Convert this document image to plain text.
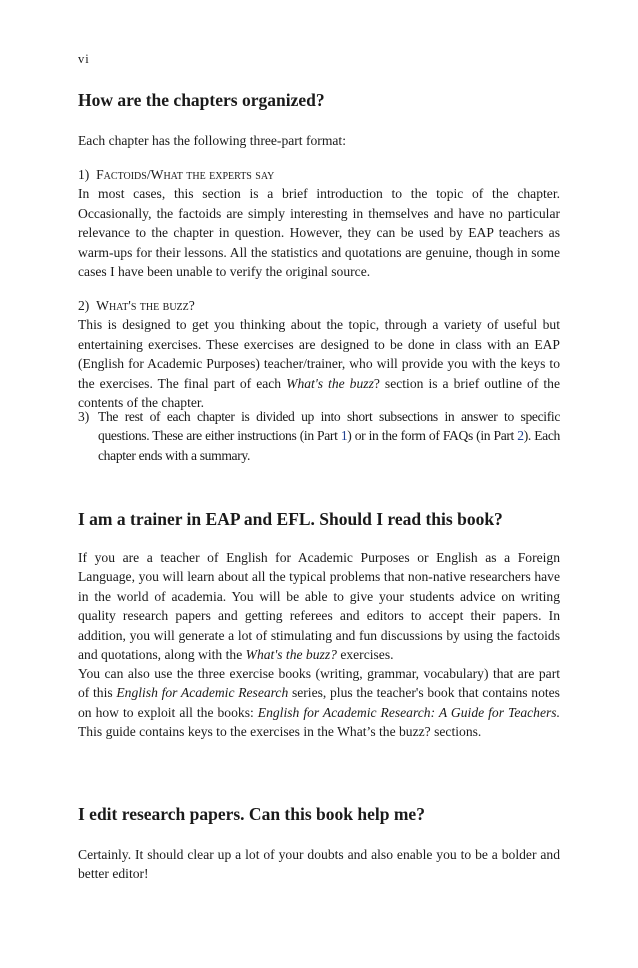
vi
How are the chapters organized?

Each chapter has the following three-part format:

1) Factoids/What the experts say
In most cases, this section is a brief introduction to the topic of the chapter. Occasionally, the factoids are simply interesting in themselves and have no particular relevance to the chapter in question. However, they can be used by EAP teachers as warm-ups for their lessons. All the statistics and quotations are genuine, though in some cases I have been unable to verify the original source.

2) What's the buzz?
This is designed to get you thinking about the topic, through a variety of useful but entertaining exercises. These exercises are designed to be done in class with an EAP (English for Academic Purposes) teacher/trainer, who will provide you with the keys to the exercises. The final part of each What's the buzz? section is a brief outline of the contents of the chapter.

3) The rest of each chapter is divided up into short subsections in answer to specific questions. These are either instructions (in Part 1) or in the form of FAQs (in Part 2). Each chapter ends with a summary.
I am a trainer in EAP and EFL. Should I read this book?

If you are a teacher of English for Academic Purposes or English as a Foreign Language, you will learn about all the typical problems that non-native researchers have in the world of academia. You will be able to give your students advice on writing quality research papers and getting referees and editors to accept their papers. In addition, you will generate a lot of stimulating and fun discussions by using the factoids and quotations, along with the What's the buzz? exercises.

You can also use the three exercise books (writing, grammar, vocabulary) that are part of this English for Academic Research series, plus the teacher's book that contains notes on how to exploit all the books: English for Academic Research: A Guide for Teachers. This guide contains keys to the exercises in the What’s the buzz? sections.

I edit research papers. Can this book help me?

Certainly. It should clear up a lot of your doubts and also enable you to be a bolder and better editor!
